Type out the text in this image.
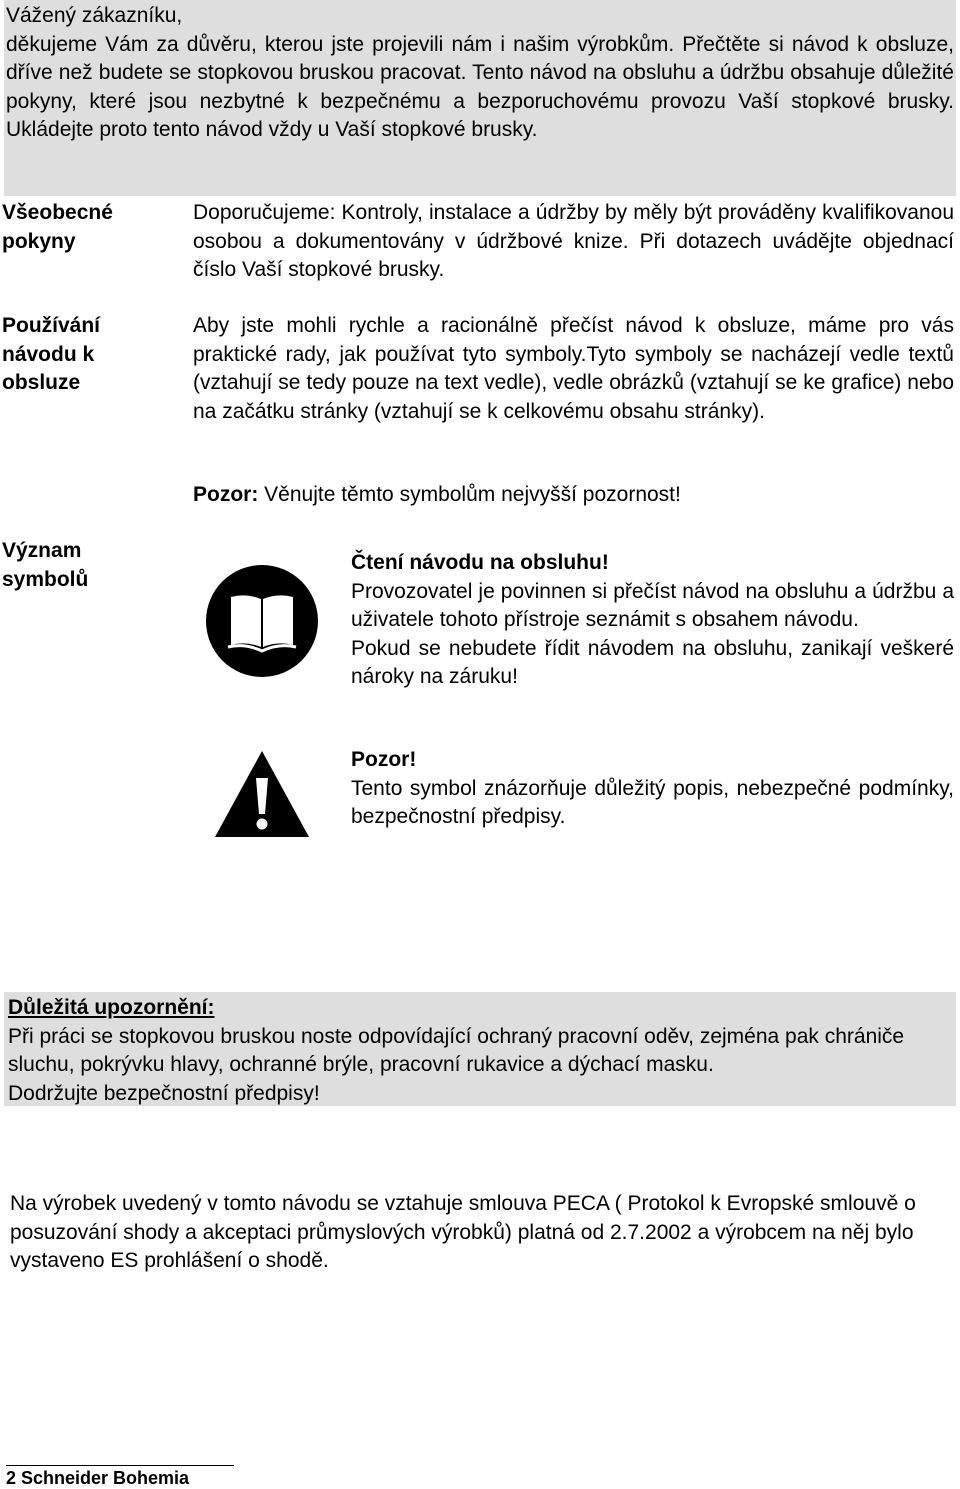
Vážený zákazníku,

děkujeme Vám za důvěru, kterou jste projevili nám i našim výrobkům. Přečtěte si návod k obsluze, dříve než budete se stopkovou bruskou pracovat. Tento návod na obsluhu a údržbu obsahuje důležité pokyny, které jsou nezbytné k bezpečnému a bezporuchovému provozu Vaší stopkové brusky. Ukládejte proto tento návod vždy u Vaší stopkové brusky.

Všeobecné
pokyny

Doporučujeme: Kontroly, instalace a údržby by měly být prováděny kvalifikovanou osobou a dokumentovány v údržbové knize. Při dotazech uvádějte objednací číslo Vaší stopkové brusky.

Používání
návodu k
obsluze

Aby jste mohli rychle a racionálně přečíst návod k obsluze, máme pro vás praktické rady, jak používat tyto symboly.Tyto symboly se nacházejí vedle textů (vztahují se tedy pouze na text vedle), vedle obrázků (vztahují se ke grafice) nebo na začátku stránky (vztahují se k celkovému obsahu stránky).

Pozor: Věnujte těmto symbolům nejvyšší pozornost!
Význam
symbolů

Čtení návodu na obsluhu!

Provozovatel je povinnen si přečíst návod na obsluhu a údržbu a uživatele tohoto přístroje seznámit s obsahem návodu.

Pokud se nebudete řídit návodem na obsluhu, zanikají veškeré nároky na záruku!

Pozor!

Tento symbol znázorňuje důležitý popis, nebezpečné podmínky, bezpečnostní předpisy.

Důležitá upozornění:

Při práci se stopkovou bruskou noste odpovídající ochraný pracovní oděv, zejména pak chrániče sluchu, pokrývku hlavy, ochranné brýle, pracovní rukavice a dýchací masku.

Dodržujte bezpečnostní předpisy!

Na výrobek uvedený v tomto návodu se vztahuje smlouva PECA ( Protokol k Evropské smlouvě o posuzování shody a akceptaci průmyslových výrobků) platná od 2.7.2002 a výrobcem na něj bylo vystaveno ES prohlášení o shodě.
2 Schneider Bohemia
